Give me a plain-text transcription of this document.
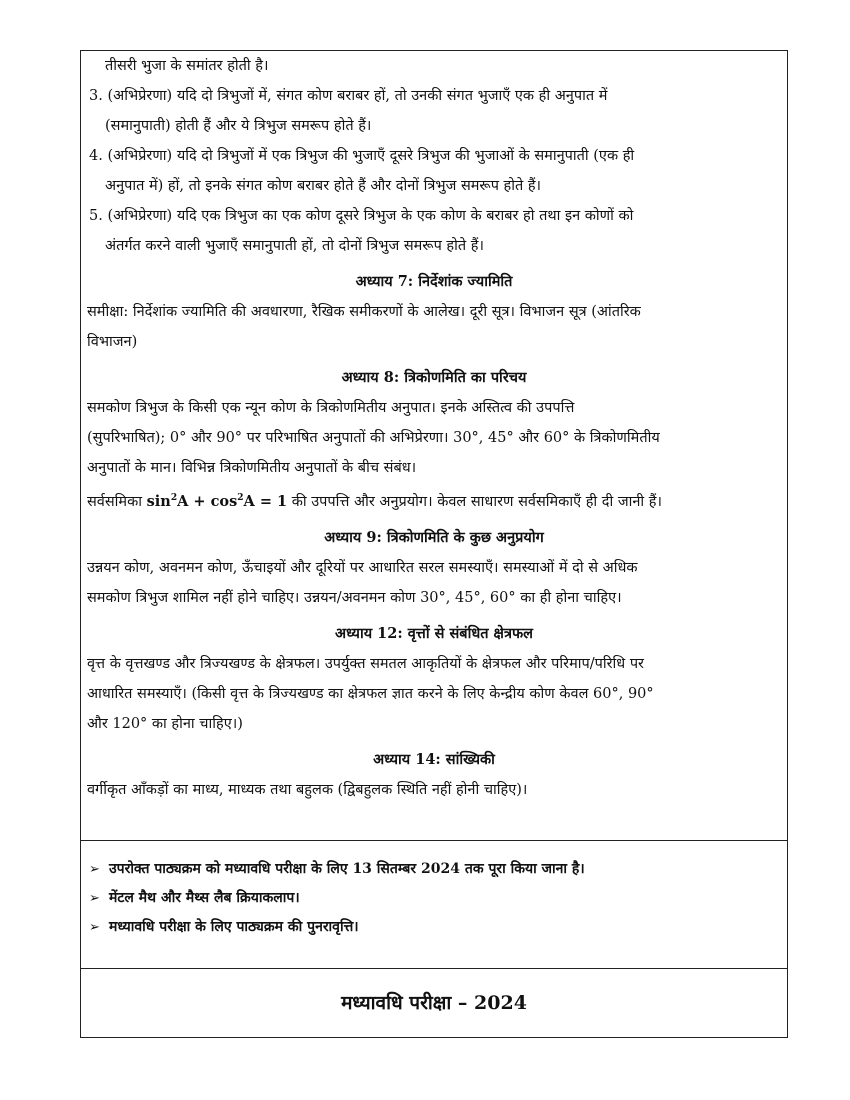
तीसरी भुजा के समांतर होती है।
3. (अभिप्रेरणा) यदि दो त्रिभुजों में, संगत कोण बराबर हों, तो उनकी संगत भुजाएँ एक ही अनुपात में
(समानुपाती) होती हैं और ये त्रिभुज समरूप होते हैं।
4. (अभिप्रेरणा) यदि दो त्रिभुजों में एक त्रिभुज की भुजाएँ दूसरे त्रिभुज की भुजाओं के समानुपाती (एक ही
अनुपात में) हों, तो इनके संगत कोण बराबर होते हैं और दोनों त्रिभुज समरूप होते हैं।
5. (अभिप्रेरणा) यदि एक त्रिभुज का एक कोण दूसरे त्रिभुज के एक कोण के बराबर हो तथा इन कोणों को
अंतर्गत करने वाली भुजाएँ समानुपाती हों, तो दोनों त्रिभुज समरूप होते हैं।
अध्याय 7: निर्देशांक ज्यामिति
समीक्षा: निर्देशांक ज्यामिति की अवधारणा, रैखिक समीकरणों के आलेख। दूरी सूत्र। विभाजन सूत्र (आंतरिक
विभाजन)
अध्याय 8: त्रिकोणमिति का परिचय
समकोण त्रिभुज के किसी एक न्यून कोण के त्रिकोणमितीय अनुपात। इनके अस्तित्व की उपपत्ति
(सुपरिभाषित); 0° और 90° पर परिभाषित अनुपातों की अभिप्रेरणा। 30°, 45° और 60° के त्रिकोणमितीय
अनुपातों के मान। विभिन्न त्रिकोणमितीय अनुपातों के बीच संबंध।
सर्वसमिका $\sin^2A + \cos^2A = 1$ की उपपत्ति और अनुप्रयोग। केवल साधारण सर्वसमिकाएँ ही दी जानी हैं।
अध्याय 9: त्रिकोणमिति के कुछ अनुप्रयोग
उन्नयन कोण, अवनमन कोण, ऊँचाइयों और दूरियों पर आधारित सरल समस्याएँ। समस्याओं में दो से अधिक
समकोण त्रिभुज शामिल नहीं होने चाहिए। उन्नयन/अवनमन कोण 30°, 45°, 60° का ही होना चाहिए।
अध्याय 12: वृत्तों से संबंधित क्षेत्रफल
वृत्त के वृत्तखण्ड और त्रिज्यखण्ड के क्षेत्रफल। उपर्युक्त समतल आकृतियों के क्षेत्रफल और परिमाप/परिधि पर
आधारित समस्याएँ। (किसी वृत्त के त्रिज्यखण्ड का क्षेत्रफल ज्ञात करने के लिए केन्द्रीय कोण केवल 60°, 90°
और 120° का होना चाहिए।)
अध्याय 14: सांख्यिकी
वर्गीकृत आँकड़ों का माध्य, माध्यक तथा बहुलक (द्विबहुलक स्थिति नहीं होनी चाहिए)।
➢ उपरोक्त पाठ्यक्रम को मध्यावधि परीक्षा के लिए 13 सितम्बर 2024 तक पूरा किया जाना है।
➢ मेंटल मैथ और मैथ्स लैब क्रियाकलाप।
➢ मध्यावधि परीक्षा के लिए पाठ्यक्रम की पुनरावृत्ति।
मध्यावधि परीक्षा – 2024
